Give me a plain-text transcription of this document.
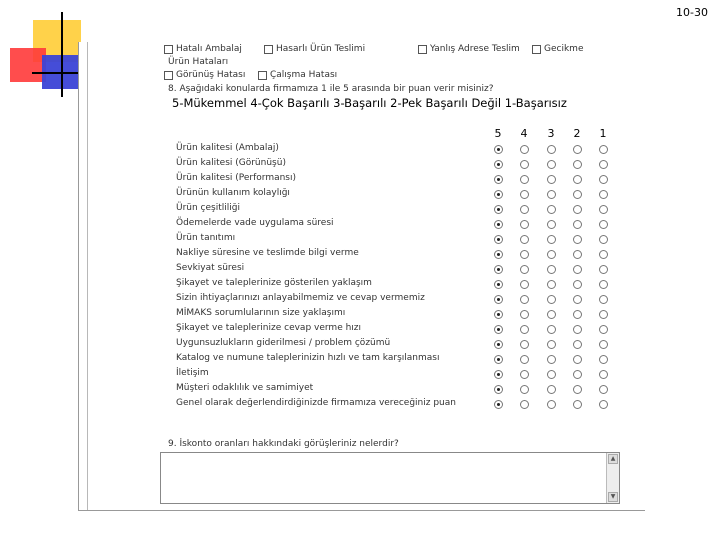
10-30
Hatalı Ambalaj	Hasarlı Ürün Teslimi	Yanlış Adrese Teslim	Gecikme
Ürün Hataları
Görünüş Hatası	Çalışma Hatası
8. Aşağıdaki konularda firmamıza 1 ile 5 arasında bir puan verir misiniz?
5-Mükemmel 4-Çok Başarılı 3-Başarılı 2-Pek Başarılı Değil 1-Başarısız
5 4 3 2 1
Ürün kalitesi (Ambalaj)
Ürün kalitesi (Görünüşü)
Ürün kalitesi (Performansı)
Ürünün kullanım kolaylığı
Ürün çeşitliliği
Ödemelerde vade uygulama süresi
Ürün tanıtımı
Nakliye süresine ve teslimde bilgi verme
Sevkiyat süresi
Şikayet ve taleplerinize gösterilen yaklaşım
Sizin ihtiyaçlarınızı anlayabilmemiz ve cevap vermemiz
MİMAKS sorumlularının size yaklaşımı
Şikayet ve taleplerinize cevap verme hızı
Uygunsuzlukların giderilmesi / problem çözümü
Katalog ve numune taleplerinizin hızlı ve tam karşılanması
İletişim
Müşteri odaklılık ve samimiyet
Genel olarak değerlendirdiğinizde firmamıza vereceğiniz puan
9. İskonto oranları hakkındaki görüşleriniz nelerdir?
▲
▼
